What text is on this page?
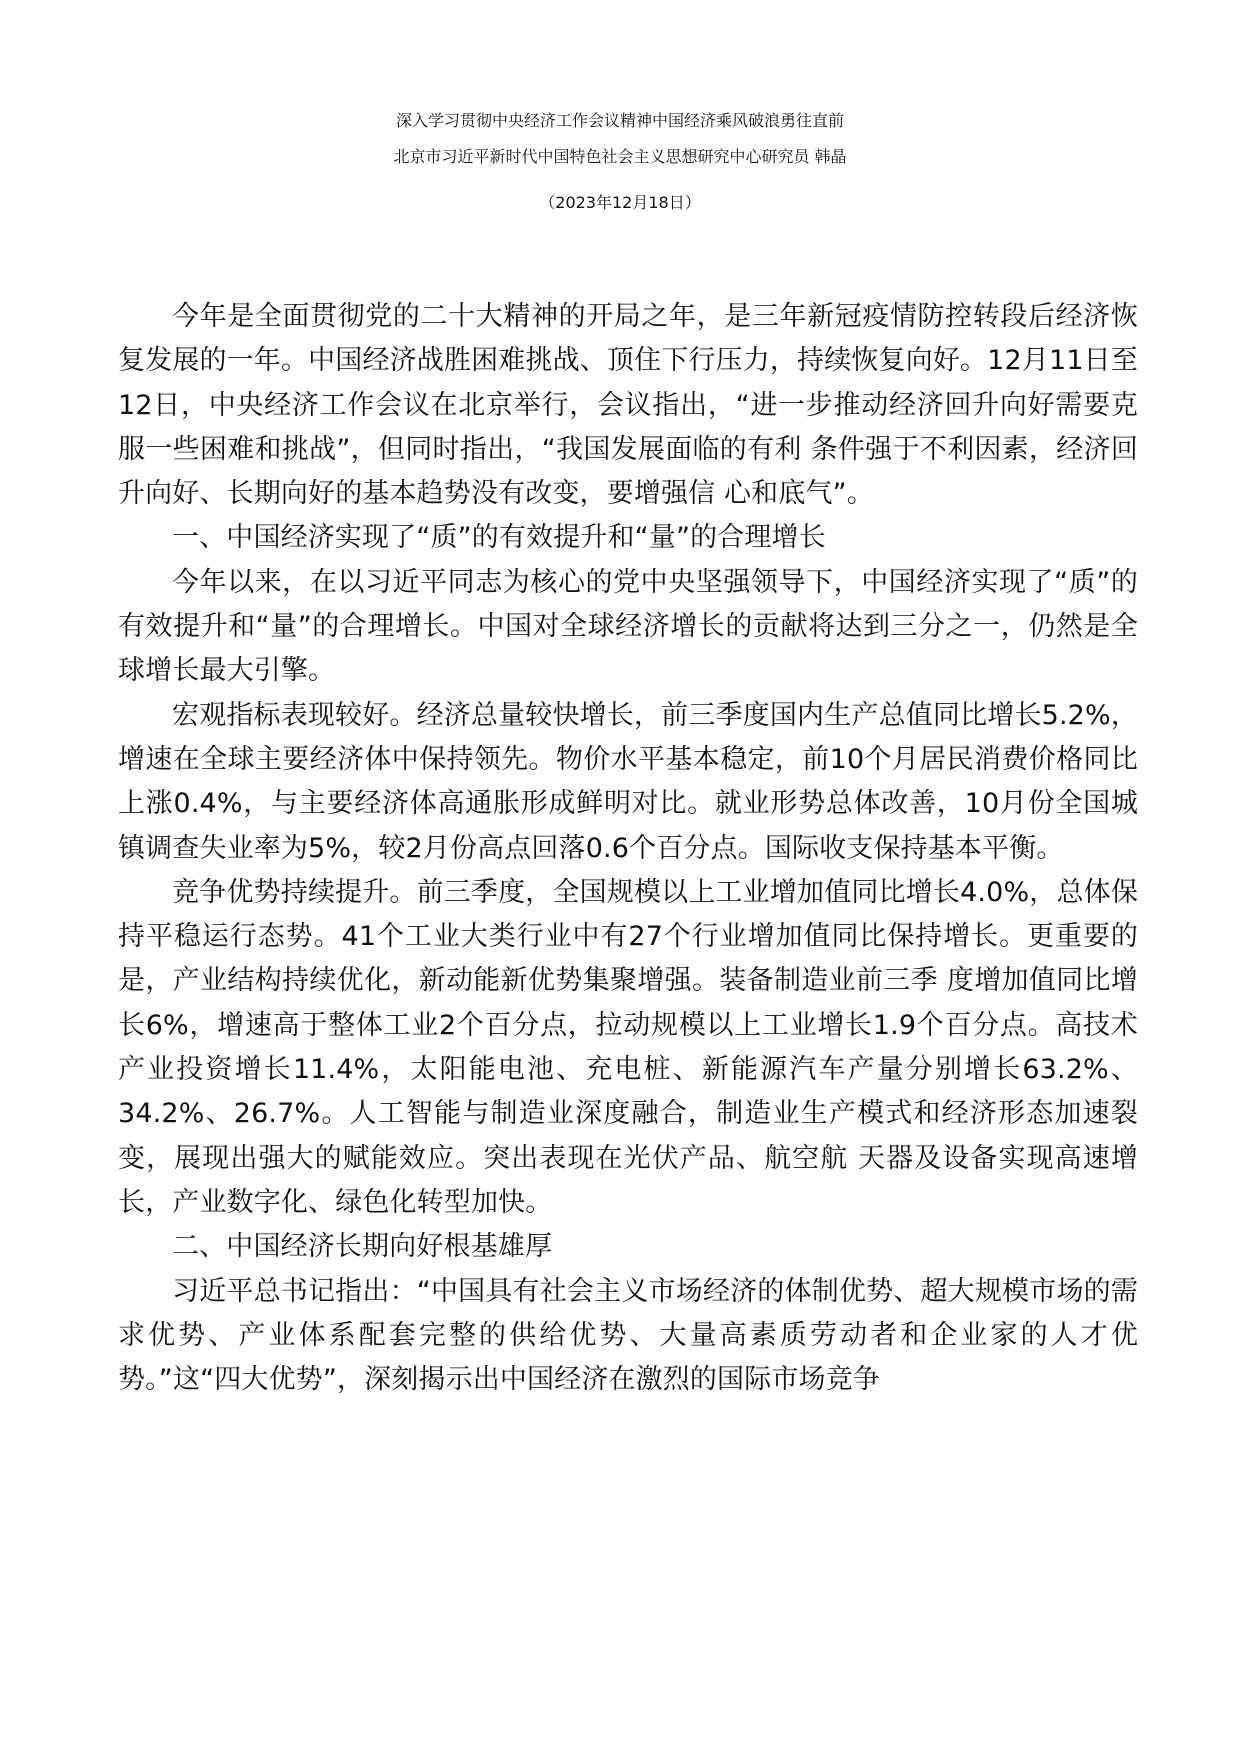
深入学习贯彻中央经济工作会议精神中国经济乘风破浪勇往直前
北京市习近平新时代中国特色社会主义思想研究中心研究员 韩晶
（2023年12月18日）

今年是全面贯彻党的二十大精神的开局之年，是三年新冠疫情防控转段后经济恢复发展的一年。中国经济战胜困难挑战、顶住下行压力，持续恢复向好。12月11日至12日，中央经济工作会议在北京举行，会议指出，“进一步推动经济回升向好需要克服一些困难和挑战”，但同时指出，“我国发展面临的有利 条件强于不利因素，经济回升向好、长期向好的基本趋势没有改变，要增强信 心和底气”。

一、中国经济实现了“质”的有效提升和“量”的合理增长

今年以来，在以习近平同志为核心的党中央坚强领导下，中国经济实现了“质”的有效提升和“量”的合理增长。中国对全球经济增长的贡献将达到三分之一，仍然是全球增长最大引擎。

宏观指标表现较好。经济总量较快增长，前三季度国内生产总值同比增长5.2%，增速在全球主要经济体中保持领先。物价水平基本稳定，前10个月居民消费价格同比上涨0.4%，与主要经济体高通胀形成鲜明对比。就业形势总体改善，10月份全国城镇调查失业率为5%，较2月份高点回落0.6个百分点。国际收支保持基本平衡。

竞争优势持续提升。前三季度，全国规模以上工业增加值同比增长4.0%，总体保持平稳运行态势。41个工业大类行业中有27个行业增加值同比保持增长。更重要的是，产业结构持续优化，新动能新优势集聚增强。装备制造业前三季 度增加值同比增长6%，增速高于整体工业2个百分点，拉动规模以上工业增长1.9个百分点。高技术产业投资增长11.4%，太阳能电池、充电桩、新能源汽车产量分别增长63.2%、34.2%、26.7%。人工智能与制造业深度融合，制造业生产模式和经济形态加速裂变，展现出强大的赋能效应。突出表现在光伏产品、航空航 天器及设备实现高速增长，产业数字化、绿色化转型加快。

二、中国经济长期向好根基雄厚

习近平总书记指出：“中国具有社会主义市场经济的体制优势、超大规模市场的需求优势、产业体系配套完整的供给优势、大量高素质劳动者和企业家的人才优势。”这“四大优势”，深刻揭示出中国经济在激烈的国际市场竞争
